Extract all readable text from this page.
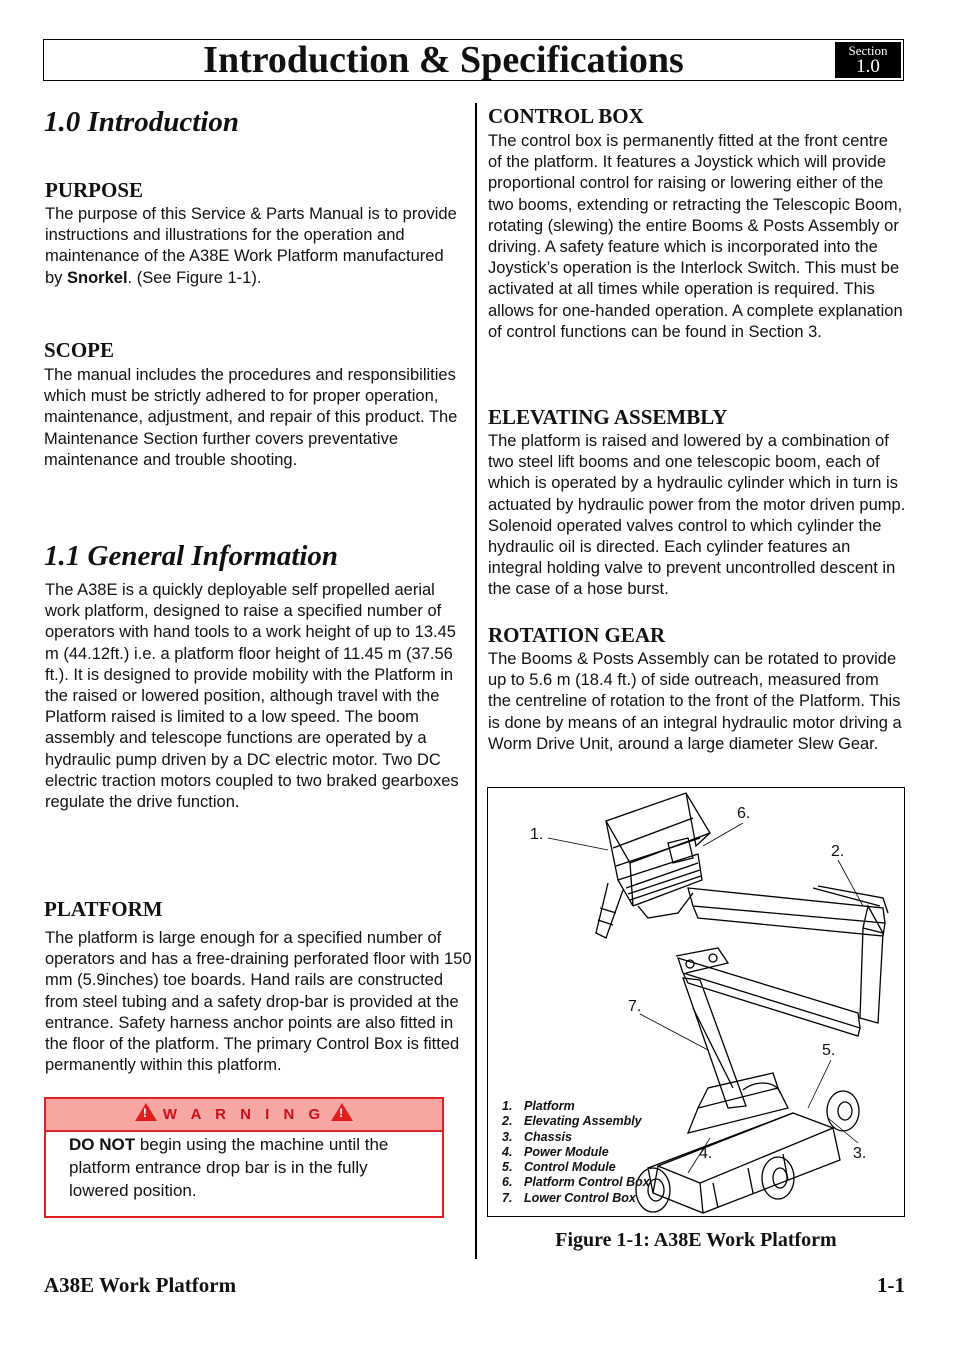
Introduction & Specifications	Section
1.0
1.0 Introduction
PURPOSE
The purpose of this Service & Parts Manual is to provide instructions and illustrations for the operation and maintenance of the A38E Work Platform manufactured by Snorkel. (See Figure 1-1).
SCOPE
The manual includes the procedures and responsibilities which must be strictly adhered to for proper operation, maintenance, adjustment, and repair of this product. The Maintenance Section further covers preventative maintenance and trouble shooting.
1.1 General Information
The A38E is a quickly deployable self propelled aerial work platform, designed to raise a specified number of operators with hand tools to a work height of up to 13.45 m (44.12ft.) i.e. a platform floor height of 11.45 m (37.56 ft.). It is designed to provide mobility with the Platform in the raised or lowered position, although travel with the Platform raised is limited to a low speed. The boom assembly and telescope functions are operated by a hydraulic pump driven by a DC electric motor. Two DC electric traction motors coupled to two braked gearboxes regulate the drive function.
PLATFORM
The platform is large enough for a specified number of operators and has a free-draining perforated floor with 150 mm (5.9inches) toe boards. Hand rails are constructed from steel tubing and a safety drop-bar is provided at the entrance. Safety harness anchor points are also fitted in the floor of the platform. The primary Control Box is fitted permanently within this platform.
! W A R N I N G !
DO NOT begin using the machine until the platform entrance drop bar is in the fully lowered position.
CONTROL BOX
The control box is permanently fitted at the front centre of the platform. It features a Joystick which will provide proportional control for raising or lowering either of the two booms, extending or retracting the Telescopic Boom, rotating (slewing) the entire Booms & Posts Assembly or driving. A safety feature which is incorporated into the Joystick’s operation is the Interlock Switch. This must be activated at all times while operation is required. This allows for one-handed operation. A complete explanation of control functions can be found in Section 3.
ELEVATING ASSEMBLY
The platform is raised and lowered by a combination of two steel lift booms and one telescopic boom, each of which is operated by a hydraulic cylinder which in turn is actuated by hydraulic power from the motor driven pump. Solenoid operated valves control to which cylinder the hydraulic oil is directed. Each cylinder features an integral holding valve to prevent uncontrolled descent in the case of a hose burst.
ROTATION GEAR
The Booms & Posts Assembly can be rotated to provide up to 5.6 m (18.4 ft.) of side outreach, measured from the centreline of rotation to the front of the Platform. This is done by means of an integral hydraulic motor driving a Worm Drive Unit, around a large diameter Slew Gear.
1.
6.
2.
7.
5.
4.	3.
1. Platform
2. Elevating Assembly
3. Chassis
4. Power Module
5. Control Module
6. Platform Control Box
7. Lower Control Box
Figure 1-1: A38E Work Platform
A38E Work Platform	1-1
